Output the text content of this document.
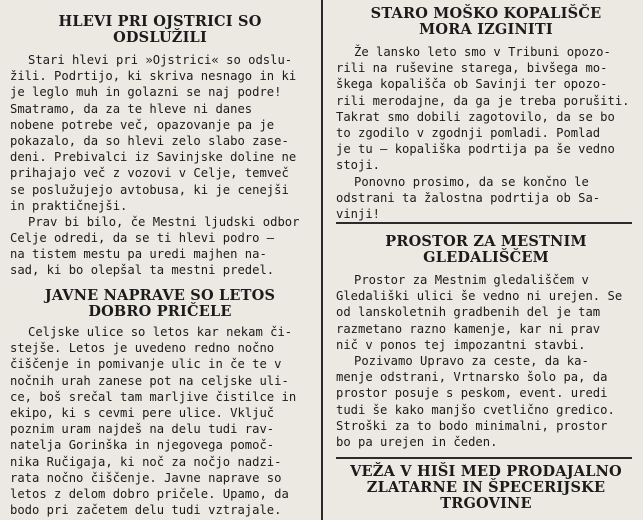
HLEVI PRI OJSTRICI SO
ODSLUŽILI
Stari hlevi pri »Ojstrici« so odslu-
žili. Podrtijo, ki skriva nesnago in ki
je leglo muh in golazni se naj podre!
Smatramo, da za te hleve ni danes
nobene potrebe več, opazovanje pa je
pokazalo, da so hlevi zelo slabo zase-
deni. Prebivalci iz Savinjske doline ne
prihajajo več z vozovi v Celje, temveč
se poslužujejo avtobusa, ki je cenejši
in praktičnejši.
Prav bi bilo, če Mestni ljudski odbor
Celje odredi, da se ti hlevi podro —
na tistem mestu pa uredi majhen na-
sad, ki bo olepšal ta mestni predel.
JAVNE NAPRAVE SO LETOS
DOBRO PRIČELE
Celjske ulice so letos kar nekam či-
stejše. Letos je uvedeno redno nočno
čiščenje in pomivanje ulic in če te v
nočnih urah zanese pot na celjske uli-
ce, boš srečal tam marljive čistilce in
ekipo, ki s cevmi pere ulice. Vključ
poznim uram najdeš na delu tudi rav-
natelja Gorinška in njegovega pomoč-
nika Ručigaja, ki noč za nočjo nadzi-
rata nočno čiščenje. Javne naprave so
letos z delom dobro pričele. Upamo, da
bodo pri začetem delu tudi vztrajale.
STARO MOŠKO KOPALIŠČE
MORA IZGINITI
Že lansko leto smo v Tribuni opozo-
rili na ruševine starega, bivšega mo-
škega kopališča ob Savinji ter opozo-
rili merodajne, da ga je treba porušiti.
Takrat smo dobili zagotovilo, da se bo
to zgodilo v zgodnji pomladi. Pomlad
je tu — kopališka podrtija pa še vedno
stoji.
Ponovno prosimo, da se končno le
odstrani ta žalostna podrtija ob Sa-
vinji!
PROSTOR ZA MESTNIM
GLEDALIŠČEM
Prostor za Mestnim gledališčem v
Gledališki ulici še vedno ni urejen. Se
od lanskoletnih gradbenih del je tam
razmetano razno kamenje, kar ni prav
nič v ponos tej impozantni stavbi.
Pozivamo Upravo za ceste, da ka-
menje odstrani, Vrtnarsko šolo pa, da
prostor posuje s peskom, event. uredi
tudi še kako manjšo cvetlično gredico.
Stroški za to bodo minimalni, prostor
bo pa urejen in čeden.
VEŽA V HIŠI MED PRODAJALNO
ZLATARNE IN ŠPECERIJSKE
TRGOVINE
